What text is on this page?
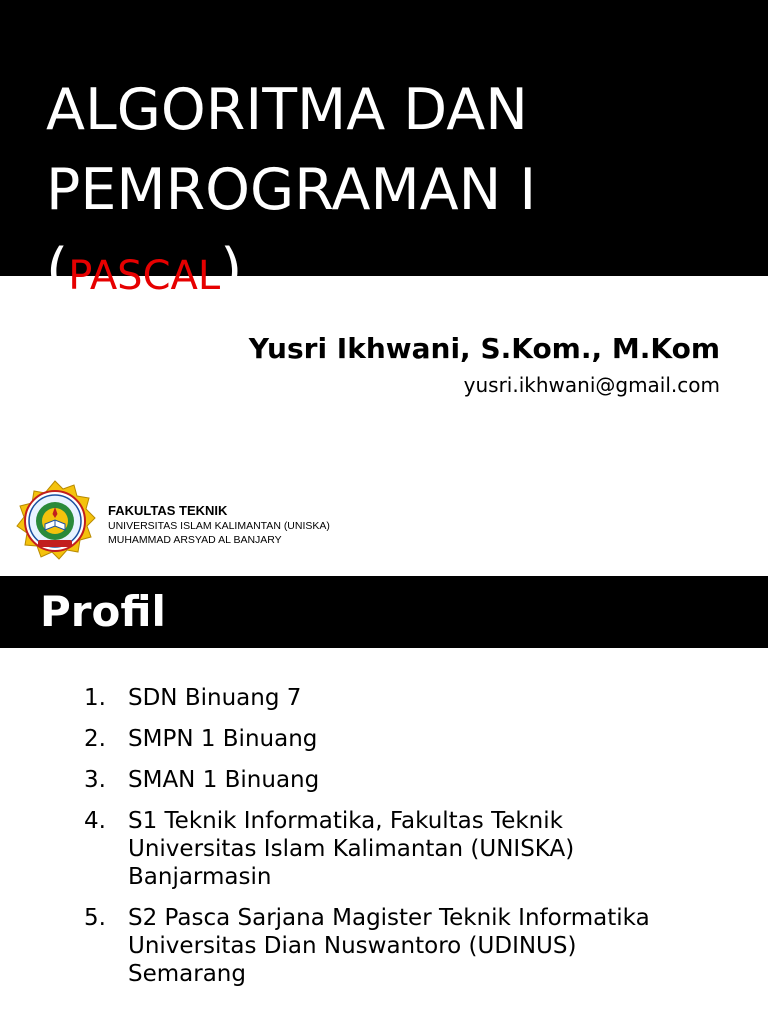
ALGORITMA DAN
PEMROGRAMAN I
(PASCAL)
Yusri Ikhwani, S.Kom., M.Kom
yusri.ikhwani@gmail.com
FAKULTAS TEKNIK
UNIVERSITAS ISLAM KALIMANTAN (UNISKA)
MUHAMMAD ARSYAD AL BANJARY
Profil
1. SDN Binuang 7
2. SMPN 1 Binuang
3. SMAN 1 Binuang
4. S1 Teknik Informatika, Fakultas Teknik
Universitas Islam Kalimantan (UNISKA)
Banjarmasin
5. S2 Pasca Sarjana Magister Teknik Informatika
Universitas Dian Nuswantoro (UDINUS)
Semarang
